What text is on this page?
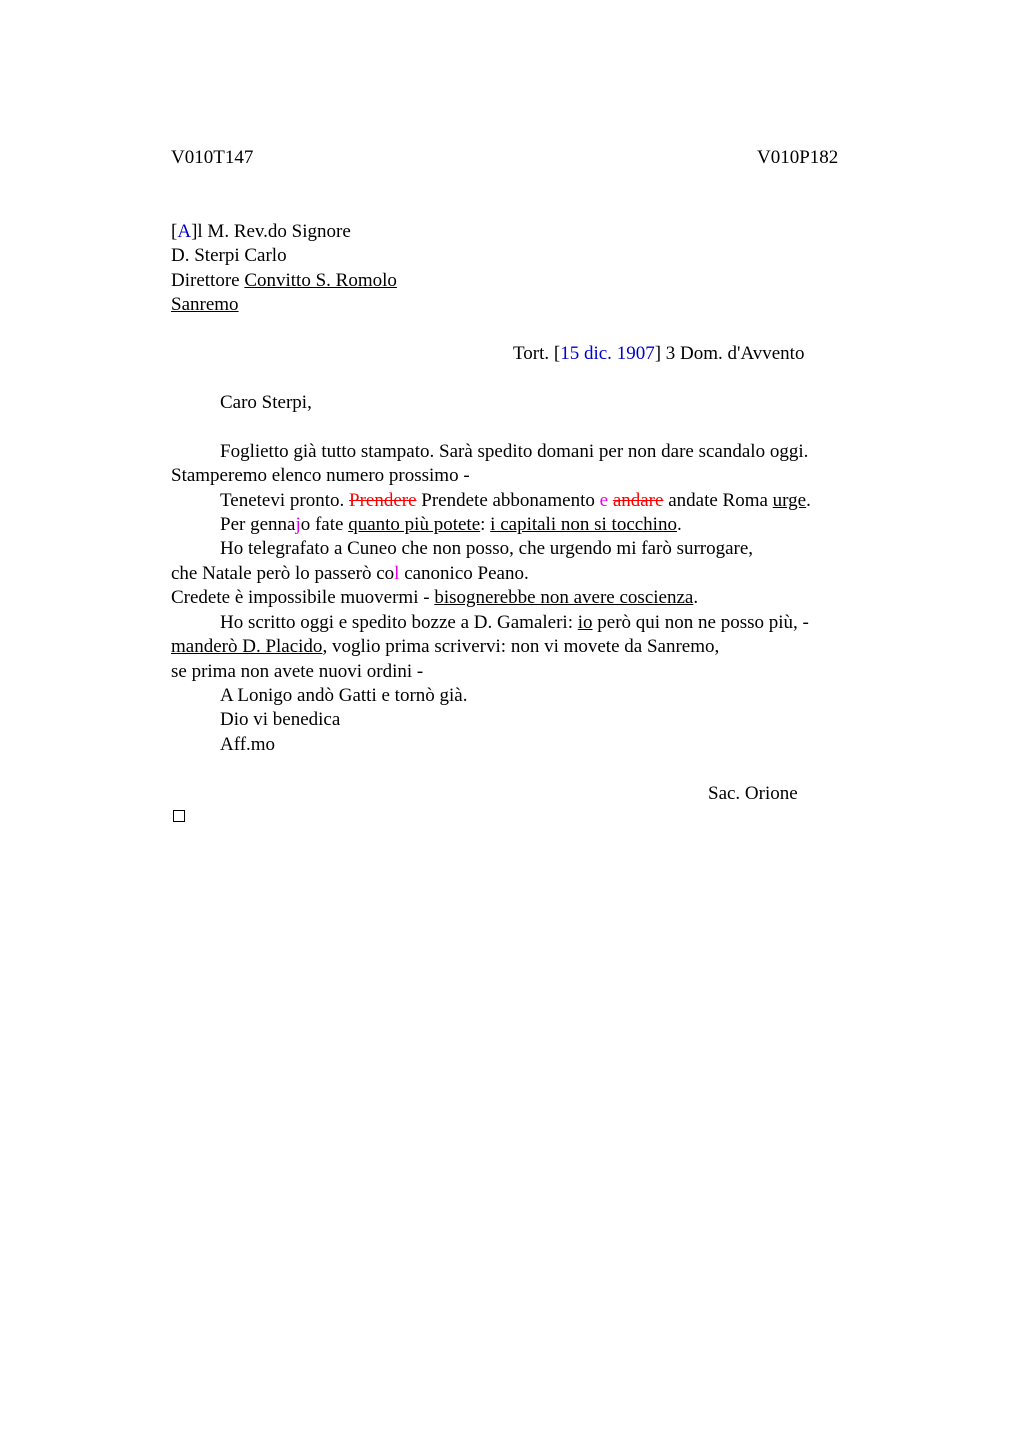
V010T147	V010P182
[A]l M. Rev.do Signore
D. Sterpi Carlo
Direttore Convitto S. Romolo
Sanremo
Tort. [15 dic. 1907] 3 Dom. d'Avvento
Caro Sterpi,
Foglietto già tutto stampato. Sarà spedito domani per non dare scandalo oggi.
Stamperemo elenco numero prossimo -
Tenetevi pronto. Prendere Prendete abbonamento e andare andate Roma urge.
Per gennajo fate quanto più potete: i capitali non si tocchino.
Ho telegrafato a Cuneo che non posso, che urgendo mi farò surrogare,
che Natale però lo passerò col canonico Peano.
Credete è impossibile muovermi - bisognerebbe non avere coscienza.
Ho scritto oggi e spedito bozze a D. Gamaleri: io però qui non ne posso più, -
manderò D. Placido, voglio prima scrivervi: non vi movete da Sanremo,
se prima non avete nuovi ordini -
A Lonigo andò Gatti e tornò già.
Dio vi benedica
Aff.mo
Sac. Orione
